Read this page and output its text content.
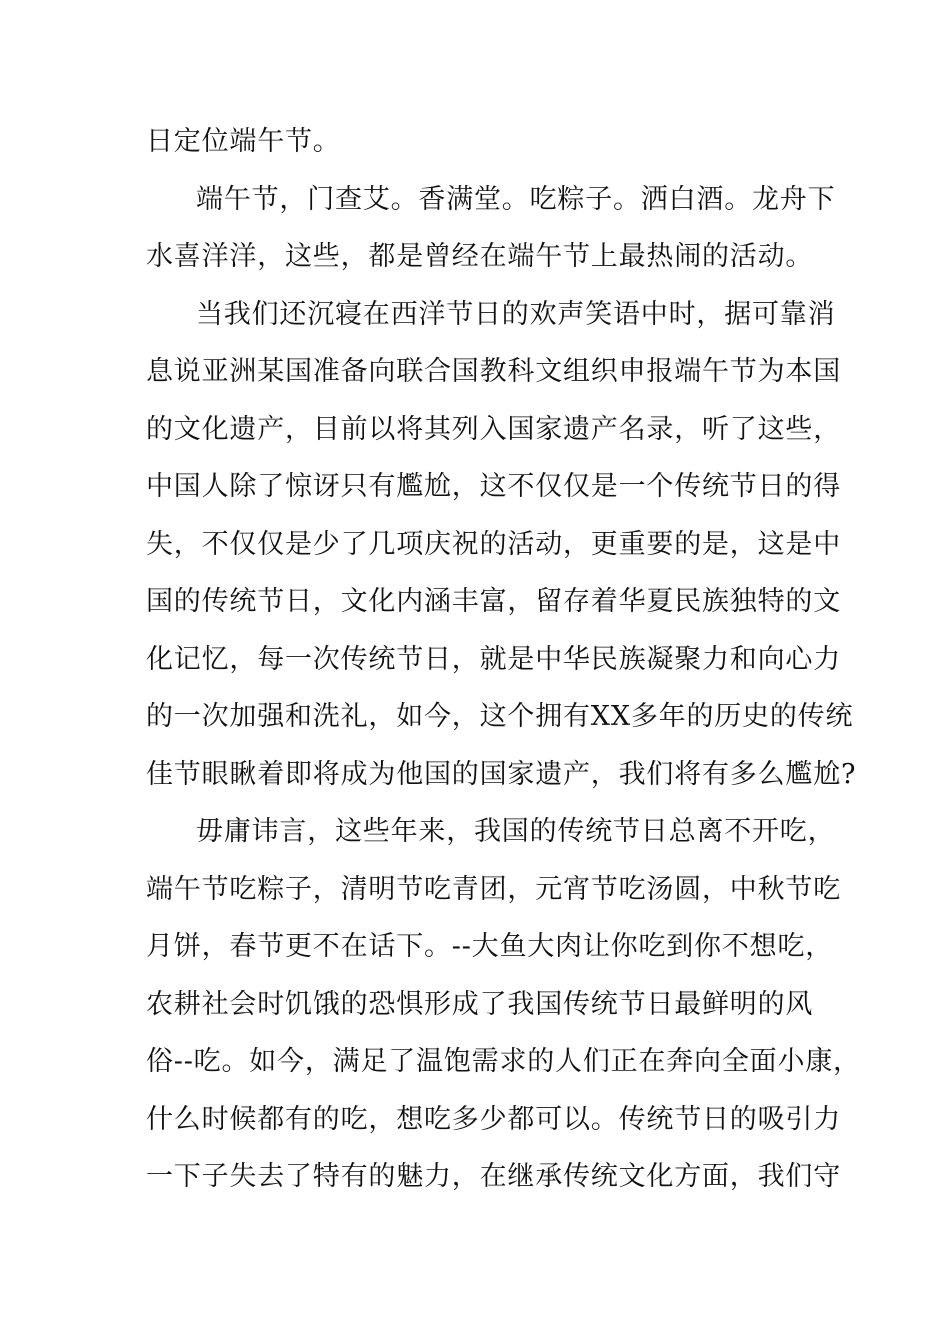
日定位端午节。

端午节，门查艾。香满堂。吃粽子。洒白酒。龙舟下

水喜洋洋，这些，都是曾经在端午节上最热闹的活动。

当我们还沉寝在西洋节日的欢声笑语中时，据可靠消

息说亚洲某国准备向联合国教科文组织申报端午节为本国

的文化遗产，目前以将其列入国家遗产名录，听了这些，

中国人除了惊讶只有尷尬，这不仅仅是一个传统节日的得

失，不仅仅是少了几项庆祝的活动，更重要的是，这是中

国的传统节日，文化内涵丰富，留存着华夏民族独特的文

化记忆，每一次传统节日，就是中华民族凝聚力和向心力

的一次加强和洗礼，如今，这个拥有XX多年的历史的传统

佳节眼瞅着即将成为他国的国家遗产，我们将有多么尷尬?

毋庸讳言，这些年来，我国的传统节日总离不开吃，

端午节吃粽子，清明节吃青团，元宵节吃汤圆，中秋节吃

月饼，春节更不在话下。--大鱼大肉让你吃到你不想吃，

农耕社会时饥饿的恐惧形成了我国传统节日最鲜明的风

俗--吃。如今，满足了温饱需求的人们正在奔向全面小康，

什么时候都有的吃，想吃多少都可以。传统节日的吸引力

一下子失去了特有的魅力，在继承传统文化方面，我们守
